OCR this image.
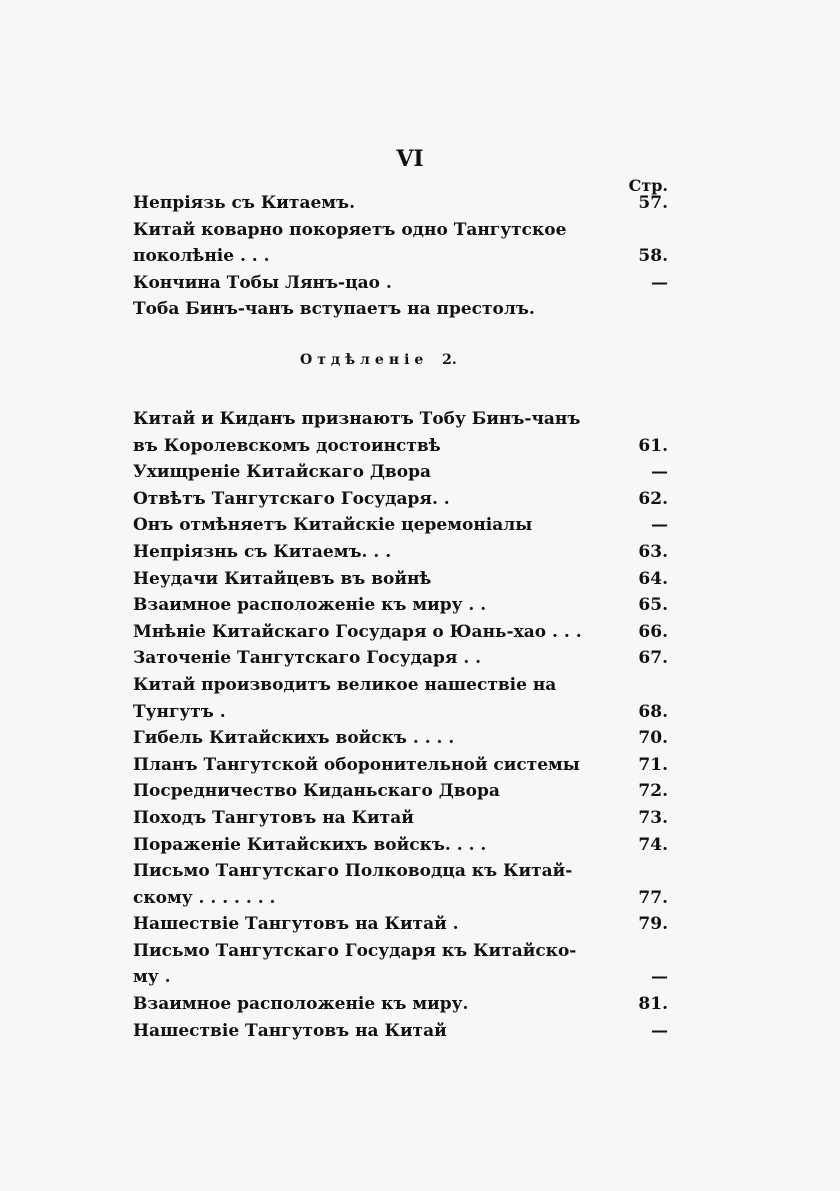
VI
Стр.
Непріязь съ Китаемъ.	57.
Китай коварно покоряетъ одно Тангутское
поколѣніе . . .	58.
Кончина Тобы Лянъ-цао .	—
Тоба Бинъ-чанъ вступаетъ на престолъ.
Отдѣленіе 2.
Китай и Киданъ признаютъ Тобу Бинъ-чанъ
въ Королевскомъ достоинствѣ	61.
Ухищреніе Китайскаго Двора	—
Отвѣтъ Тангутскаго Государя. .	62.
Онъ отмѣняетъ Китайскіе церемоніалы	—
Непріязнь съ Китаемъ. . .	63.
Неудачи Китайцевъ въ войнѣ	64.
Взаимное расположеніе къ миру . .	65.
Мнѣніе Китайскаго Государя о Юань-хао . . .	66.
Заточеніе Тангутскаго Государя . .	67.
Китай производитъ великое нашествіе на
Тунгутъ .	68.
Гибель Китайскихъ войскъ . . . .	70.
Планъ Тангутской оборонительной системы	71.
Посредничество Киданьскаго Двора	72.
Походъ Тангутовъ на Китай	73.
Пораженіе Китайскихъ войскъ. . . .	74.
Письмо Тангутскаго Полководца къ Китай-
скому . . . . . . .	77.
Нашествіе Тангутовъ на Китай .	79.
Письмо Тангутскаго Государя къ Китайско-
му .	—
Взаимное расположеніе къ миру.	81.
Нашествіе Тангутовъ на Китай	—
